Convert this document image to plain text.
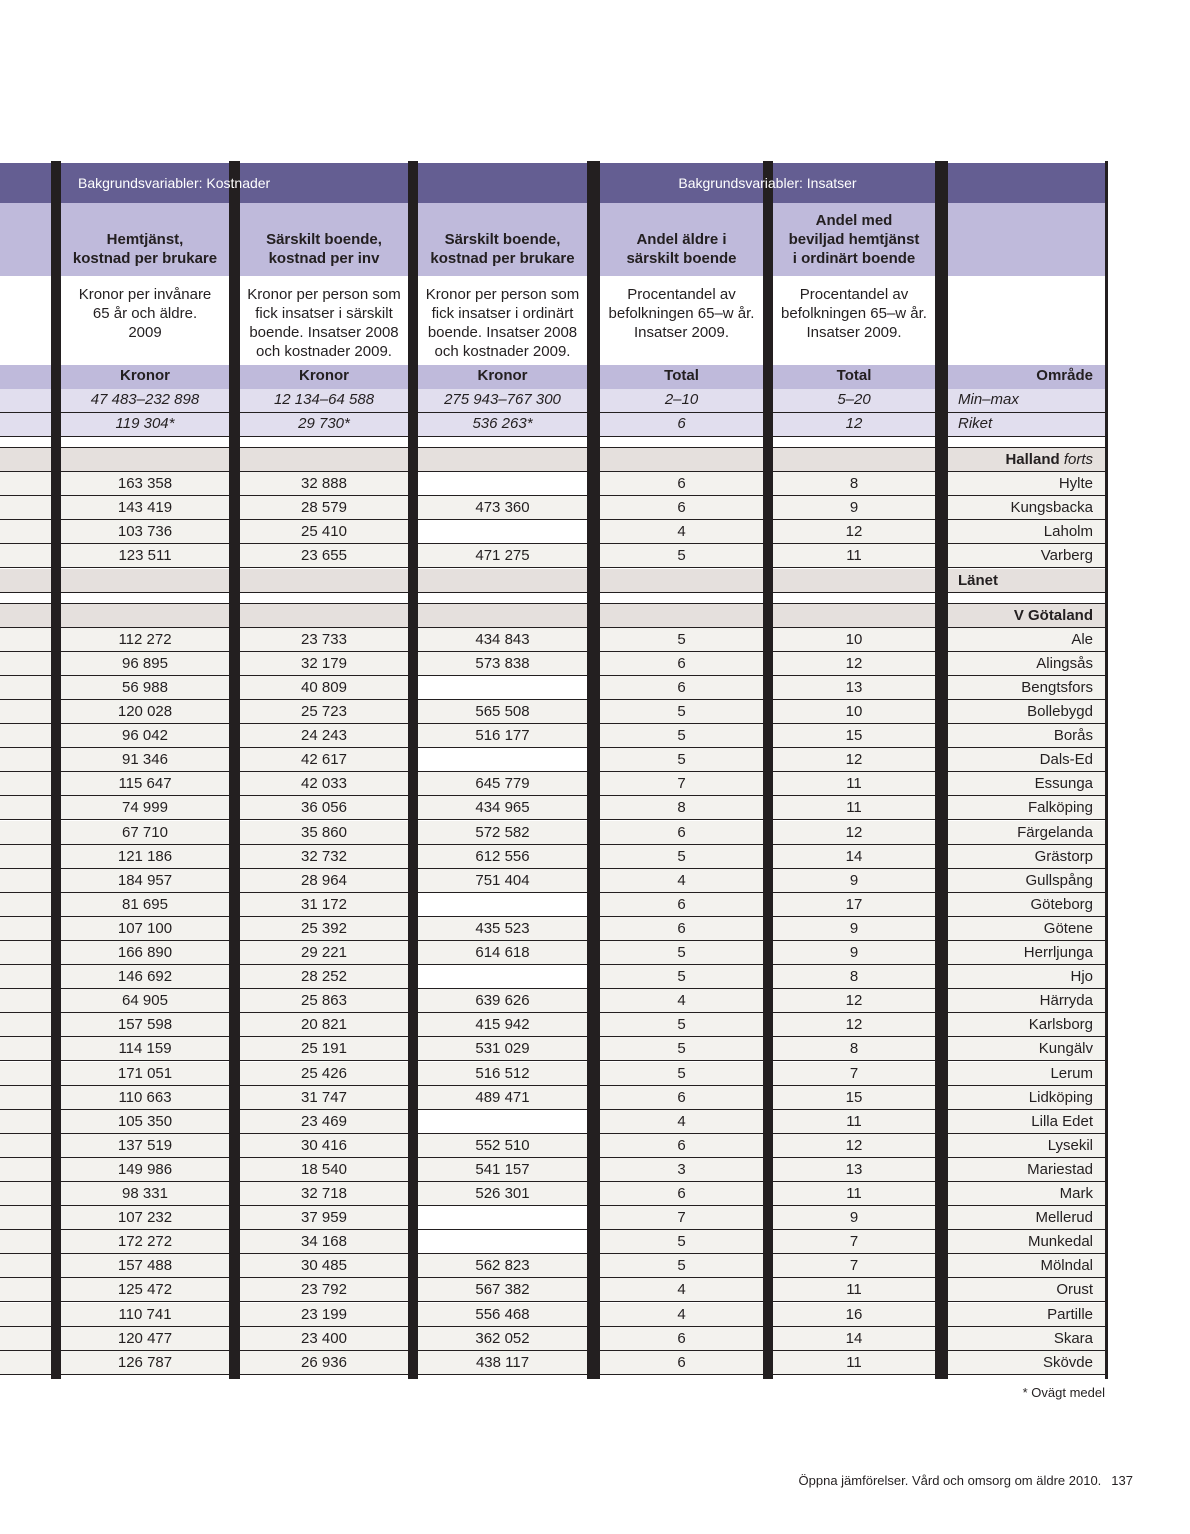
Hemtjänst,
kostnad per brukare
Kronor per invånare
65 år och äldre.
2009
Kronor
47 483–232 898
119 304*
163 358
143 419
103 736
123 511
112 272
96 895
56 988
120 028
96 042
91 346
115 647
74 999
67 710
121 186
184 957
81 695
107 100
166 890
146 692
64 905
157 598
114 159
171 051
110 663
105 350
137 519
149 986
98 331
107 232
172 272
157 488
125 472
110 741
120 477
126 787
Särskilt boende,
kostnad per inv
Kronor per person som
fick insatser i särskilt
boende. Insatser 2008
och kostnader 2009.
Kronor
12 134–64 588
29 730*
32 888
28 579
25 410
23 655
23 733
32 179
40 809
25 723
24 243
42 617
42 033
36 056
35 860
32 732
28 964
31 172
25 392
29 221
28 252
25 863
20 821
25 191
25 426
31 747
23 469
30 416
18 540
32 718
37 959
34 168
30 485
23 792
23 199
23 400
26 936
Särskilt boende,
kostnad per brukare
Kronor per person som
fick insatser i ordinärt
boende. Insatser 2008
och kostnader 2009.
Kronor
275 943–767 300
536 263*
473 360
471 275
434 843
573 838
565 508
516 177
645 779
434 965
572 582
612 556
751 404
435 523
614 618
639 626
415 942
531 029
516 512
489 471
552 510
541 157
526 301
562 823
567 382
556 468
362 052
438 117
Andel äldre i
särskilt boende
Procentandel av
befolkningen 65–w år.
Insatser 2009.
Total
2–10
6
6
6
4
5
5
6
6
5
5
5
7
8
6
5
4
6
6
5
5
4
5
5
5
6
4
6
3
6
7
5
5
4
4
6
6
Andel med
beviljad hemtjänst
i ordinärt boende
Procentandel av
befolkningen 65–w år.
Insatser 2009.
Total
5–20
12
8
9
12
11
10
12
13
10
15
12
11
11
12
14
9
17
9
9
8
12
12
8
7
15
11
12
13
11
9
7
7
11
16
14
11
Område
Min–max
Riket
Halland forts
Hylte
Kungsbacka
Laholm
Varberg
Länet
V Götaland
Ale
Alingsås
Bengtsfors
Bollebygd
Borås
Dals-Ed
Essunga
Falköping
Färgelanda
Grästorp
Gullspång
Göteborg
Götene
Herrljunga
Hjo
Härryda
Karlsborg
Kungälv
Lerum
Lidköping
Lilla Edet
Lysekil
Mariestad
Mark
Mellerud
Munkedal
Mölndal
Orust
Partille
Skara
Skövde
Bakgrundsvariabler: Kostnader	Bakgrundsvariabler: Insatser
* Ovägt medel
Öppna jämförelser. Vård och omsorg om äldre 2010. 137
